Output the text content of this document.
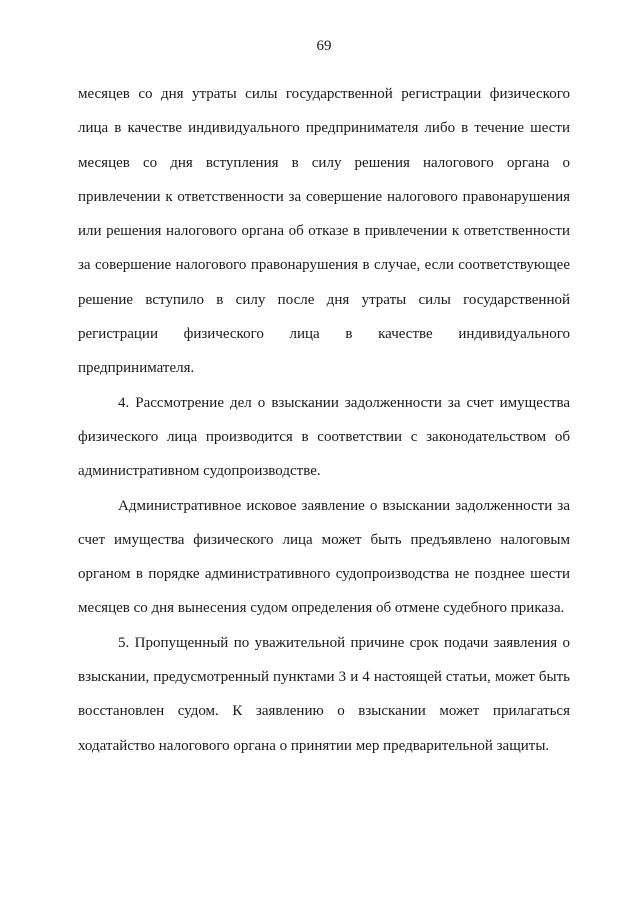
69

месяцев со дня утраты силы государственной регистрации физического лица в качестве индивидуального предпринимателя либо в течение шести месяцев со дня вступления в силу решения налогового органа о привлечении к ответственности за совершение налогового правонарушения или решения налогового органа об отказе в привлечении к ответственности за совершение налогового правонарушения в случае, если соответствующее решение вступило в силу после дня утраты силы государственной регистрации физического лица в качестве индивидуального предпринимателя.

4. Рассмотрение дел о взыскании задолженности за счет имущества физического лица производится в соответствии с законодательством об административном судопроизводстве.

Административное исковое заявление о взыскании задолженности за счет имущества физического лица может быть предъявлено налоговым органом в порядке административного судопроизводства не позднее шести месяцев со дня вынесения судом определения об отмене судебного приказа.

5. Пропущенный по уважительной причине срок подачи заявления о взыскании, предусмотренный пунктами 3 и 4 настоящей статьи, может быть восстановлен судом. К заявлению о взыскании может прилагаться ходатайство налогового органа о принятии мер предварительной защиты.
